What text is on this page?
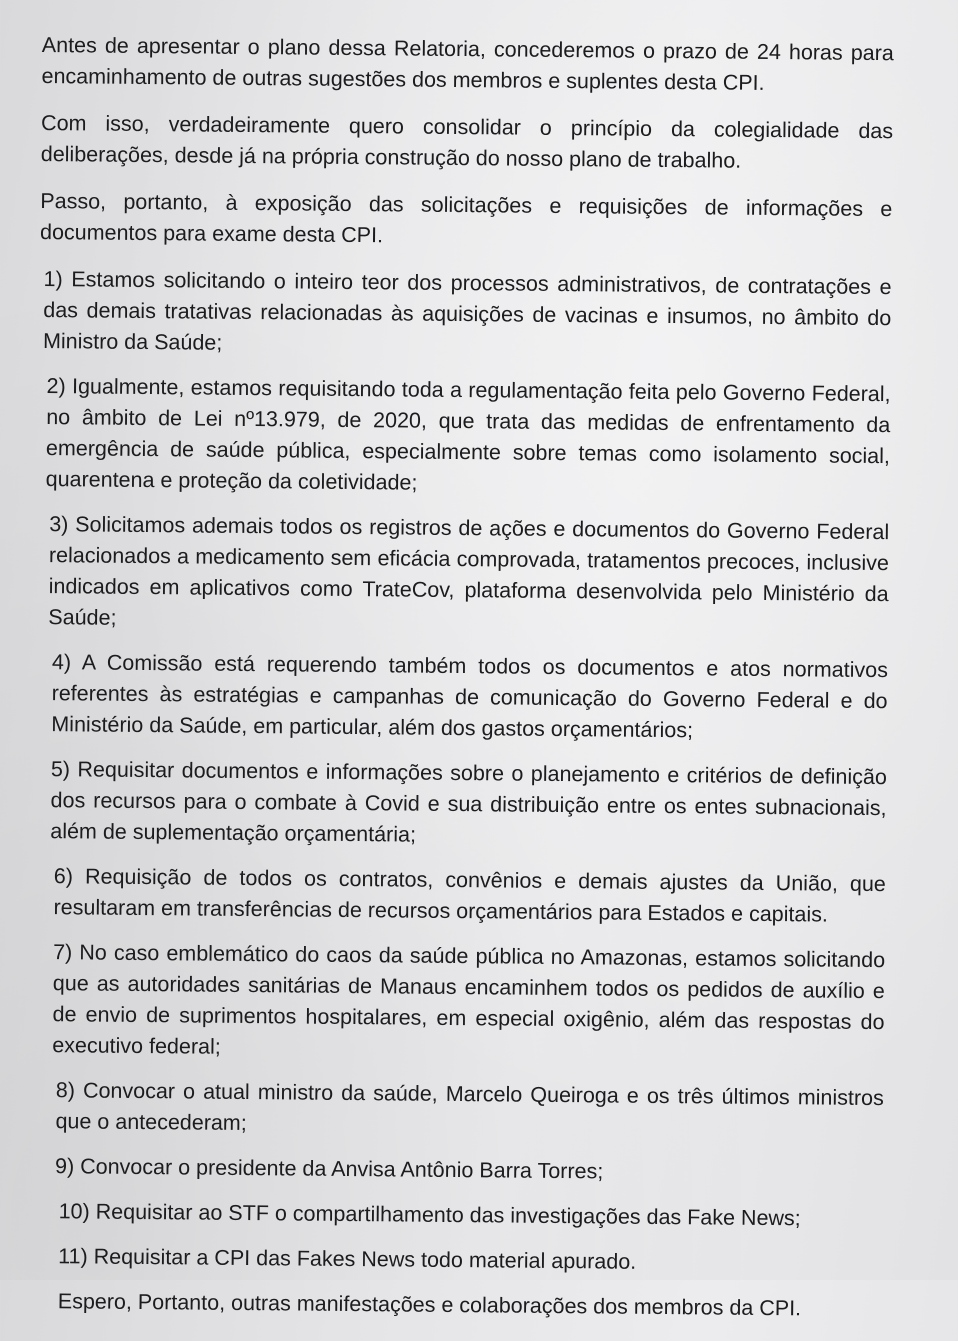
Antes de apresentar o plano dessa Relatoria, concederemos o prazo de 24 horas para encaminhamento de outras sugestões dos membros e suplentes desta CPI.

Com isso, verdadeiramente quero consolidar o princípio da colegialidade das deliberações, desde já na própria construção do nosso plano de trabalho.

Passo, portanto, à exposição das solicitações e requisições de informações e documentos para exame desta CPI.

1) Estamos solicitando o inteiro teor dos processos administrativos, de contratações e das demais tratativas relacionadas às aquisições de vacinas e insumos, no âmbito do Ministro da Saúde;

2) Igualmente, estamos requisitando toda a regulamentação feita pelo Governo Federal, no âmbito de Lei nº13.979, de 2020, que trata das medidas de enfrentamento da emergência de saúde pública, especialmente sobre temas como isolamento social, quarentena e proteção da coletividade;

3) Solicitamos ademais todos os registros de ações e documentos do Governo Federal relacionados a medicamento sem eficácia comprovada, tratamentos precoces, inclusive indicados em aplicativos como TrateCov, plataforma desenvolvida pelo Ministério da Saúde;

4) A Comissão está requerendo também todos os documentos e atos normativos referentes às estratégias e campanhas de comunicação do Governo Federal e do Ministério da Saúde, em particular, além dos gastos orçamentários;

5) Requisitar documentos e informações sobre o planejamento e critérios de definição dos recursos para o combate à Covid e sua distribuição entre os entes subnacionais, além de suplementação orçamentária;

6) Requisição de todos os contratos, convênios e demais ajustes da União, que resultaram em transferências de recursos orçamentários para Estados e capitais.

7) No caso emblemático do caos da saúde pública no Amazonas, estamos solicitando que as autoridades sanitárias de Manaus encaminhem todos os pedidos de auxílio e de envio de suprimentos hospitalares, em especial oxigênio, além das respostas do executivo federal;

8) Convocar o atual ministro da saúde, Marcelo Queiroga e os três últimos ministros que o antecederam;

9) Convocar o presidente da Anvisa Antônio Barra Torres;

10) Requisitar ao STF o compartilhamento das investigações das Fake News;

11) Requisitar a CPI das Fakes News todo material apurado.

Espero, Portanto, outras manifestações e colaborações dos membros da CPI.
